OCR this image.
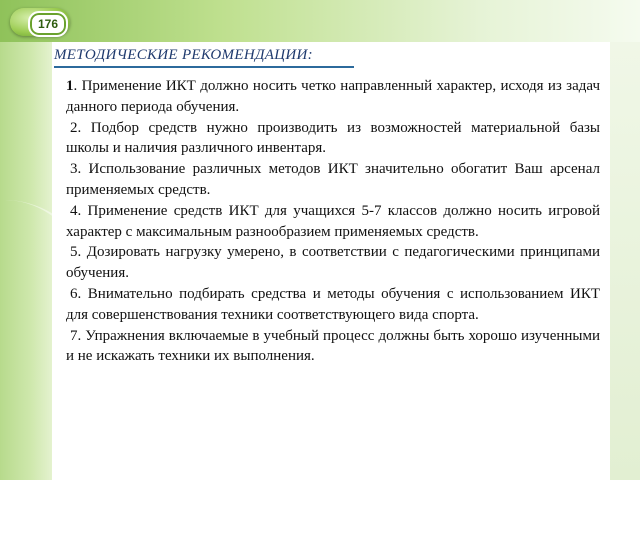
176
МЕТОДИЧЕСКИЕ РЕКОМЕНДАЦИИ:

1. Применение ИКТ должно носить четко направленный характер, исходя из задач данного периода обучения.

2. Подбор средств нужно производить из возможностей материальной базы школы и наличия различного инвентаря.

3. Использование различных методов ИКТ значительно обогатит Ваш арсенал применяемых средств.

4. Применение средств ИКТ для учащихся 5-7 классов должно носить игровой характер с максимальным разнообразием применяемых средств.

5. Дозировать нагрузку умерено, в соответствии с педагогическими принципами обучения.

6. Внимательно подбирать средства и методы обучения с использованием ИКТ для совершенствования техники соответствующего вида спорта.

7. Упражнения включаемые в учебный процесс должны быть хорошо изученными и не искажать техники их выполнения.
